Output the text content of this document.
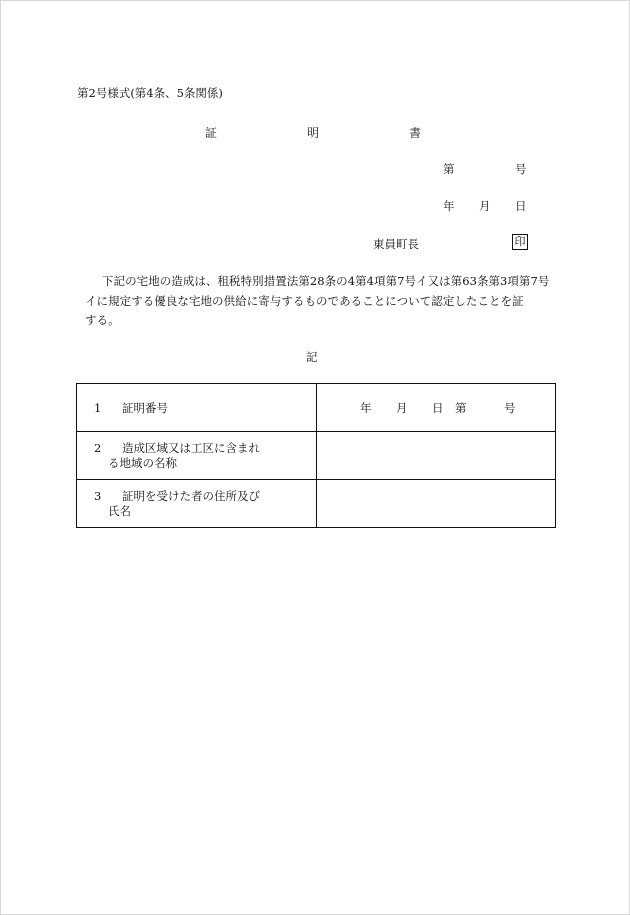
第2号様式(第4条、5条関係)
証	明	書
第	号
年 月 日
東員町長	印
下記の宅地の造成は、租税特別措置法第28条の4第4項第7号イ又は第63条第3項第7号
イに規定する優良な宅地の供給に寄与するものであることについて認定したことを証
する。
記
1 証明番号	年 月 日 第 号

2 造成区域又は工区に含まれ
る地域の名称	

3 証明を受けた者の住所及び
氏名	
